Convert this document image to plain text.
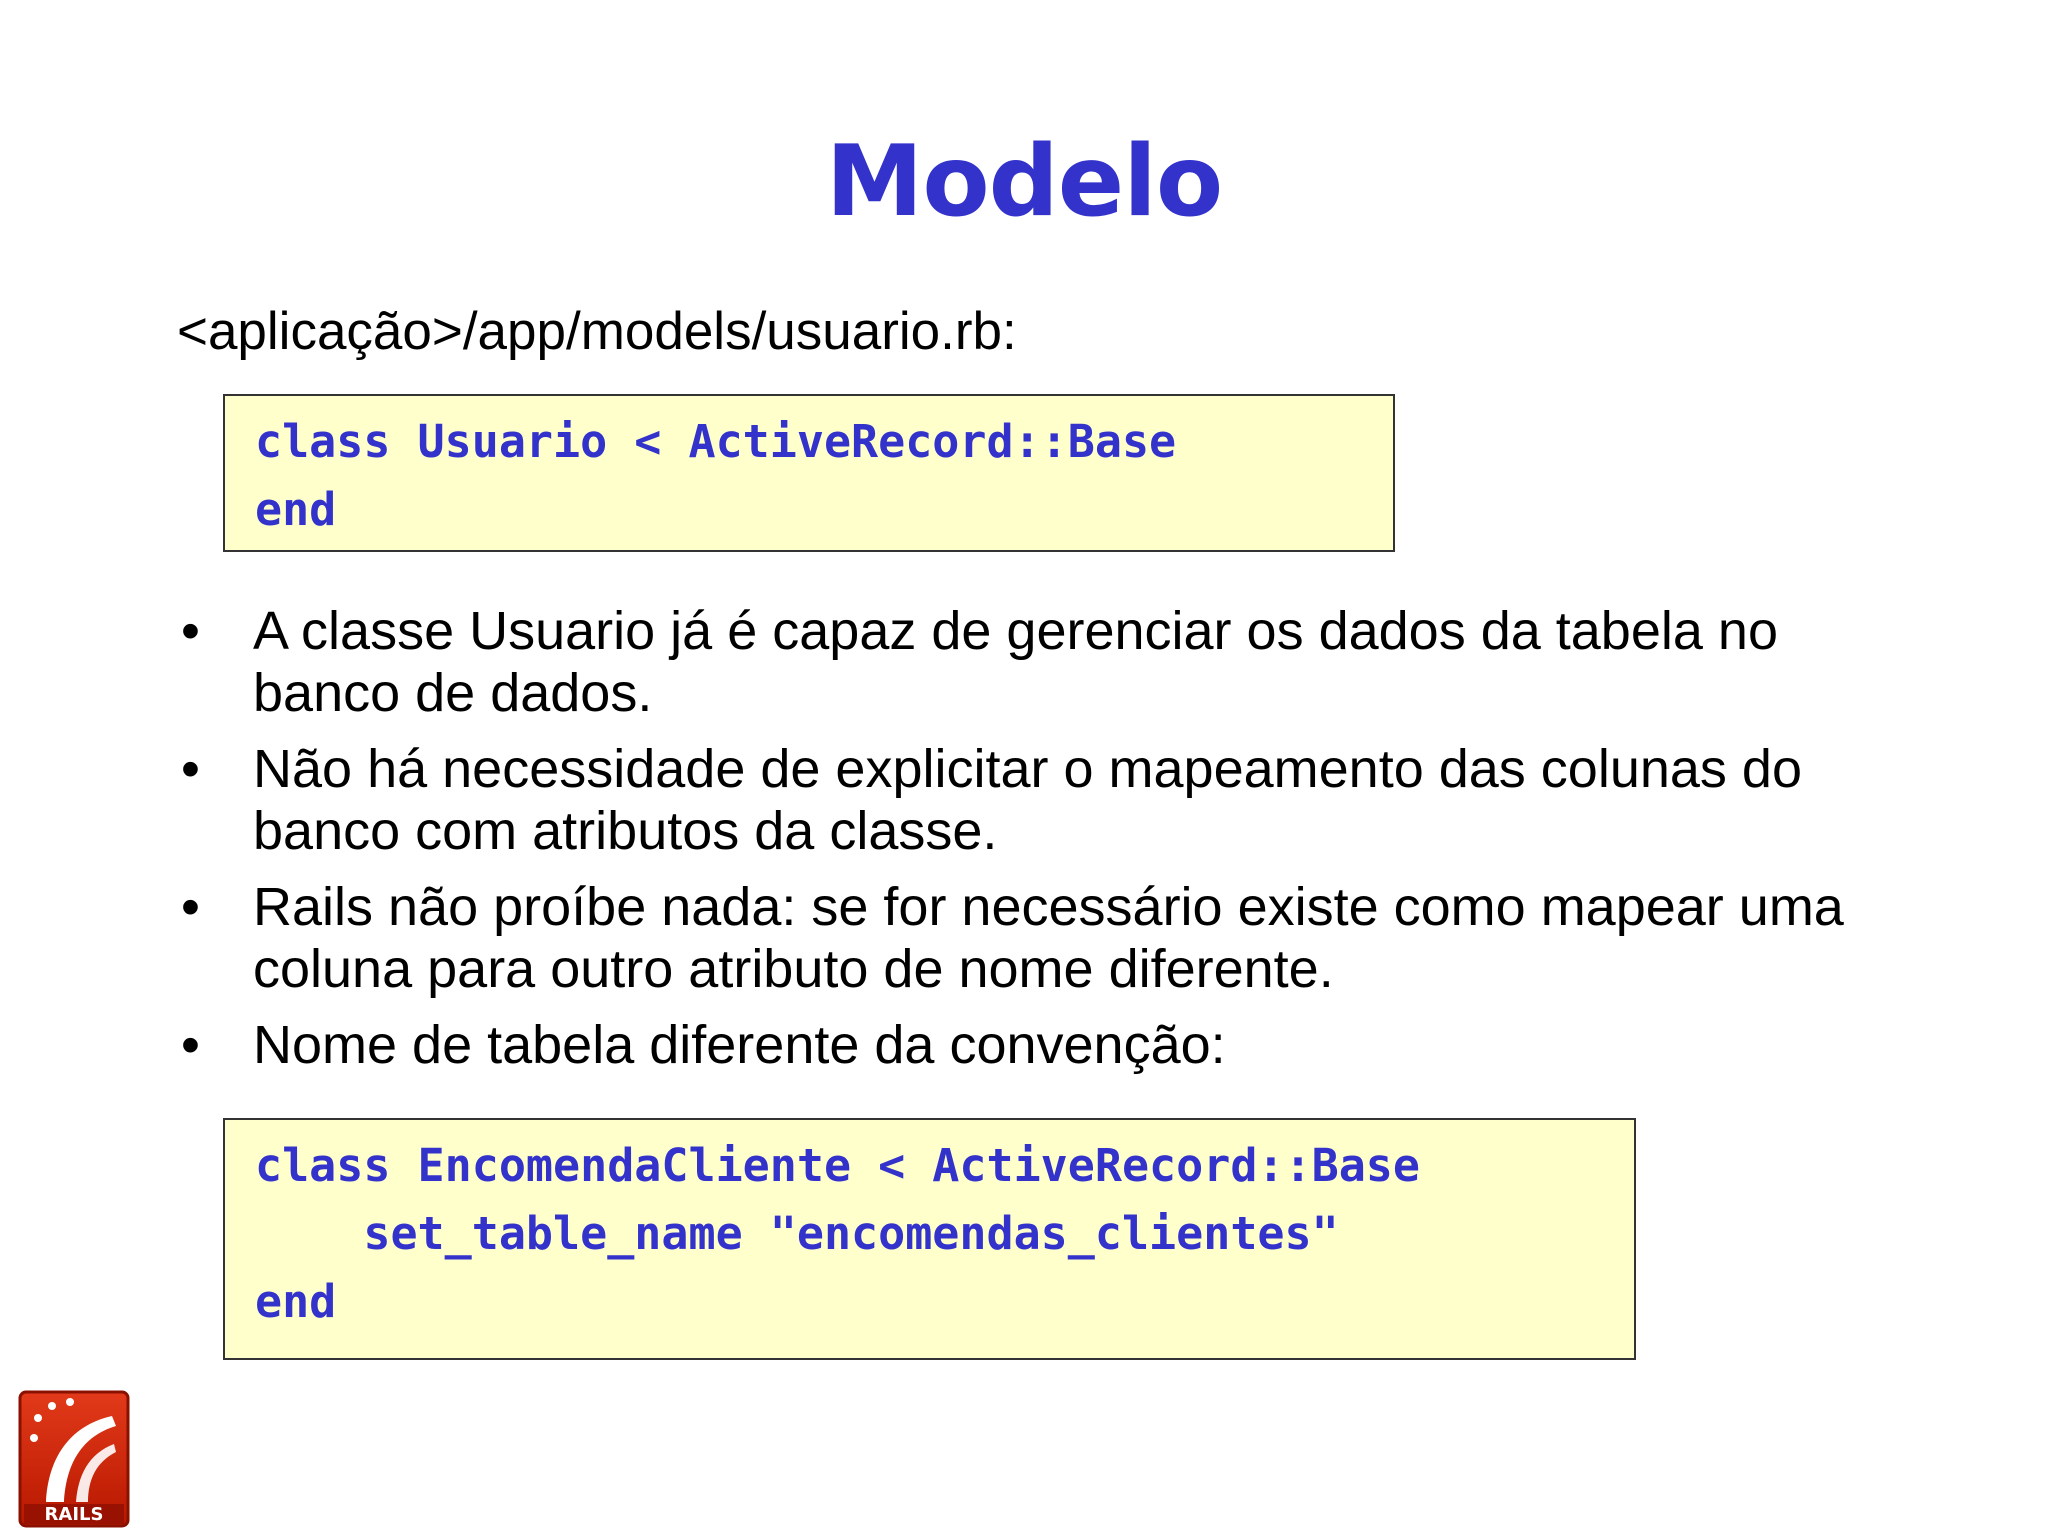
Modelo
<aplicação>/app/models/usuario.rb:
class Usuario < ActiveRecord::Base
end
• A classe Usuario já é capaz de gerenciar os dados da tabela no banco de dados.
• Não há necessidade de explicitar o mapeamento das colunas do banco com atributos da classe.
• Rails não proíbe nada: se for necessário existe como mapear uma coluna para outro atributo de nome diferente.
• Nome de tabela diferente da convenção:
class EncomendaCliente < ActiveRecord::Base
set_table_name "encomendas_clientes"
end
RAILS
